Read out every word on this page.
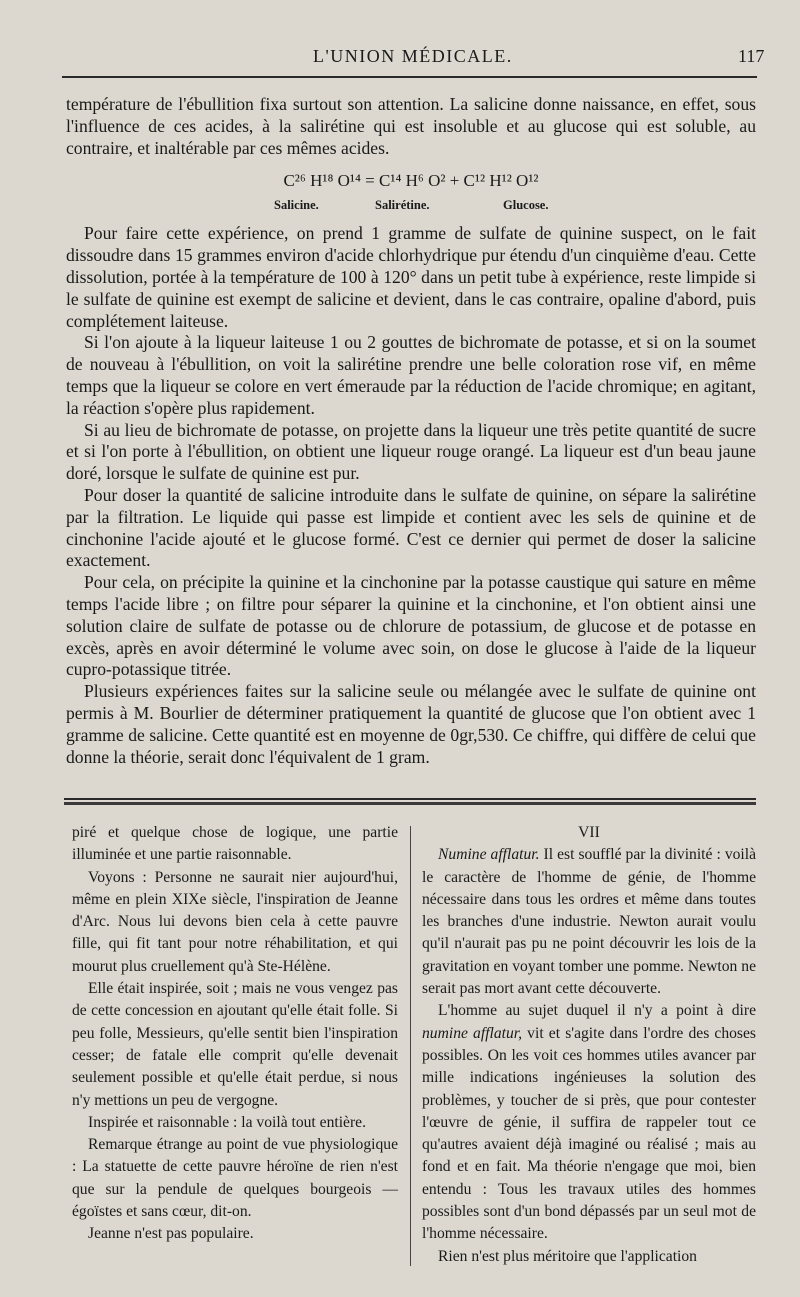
L'UNION MÉDICALE.	117

température de l'ébullition fixa surtout son attention. La salicine donne naissance, en effet, sous l'influence de ces acides, à la salirétine qui est insoluble et au glucose qui est soluble, au contraire, et inaltérable par ces mêmes acides.

C²⁶ H¹⁸ O¹⁴ = C¹⁴ H⁶ O² + C¹² H¹² O¹²
Salicine.	Salirétine.	Glucose.

Pour faire cette expérience, on prend 1 gramme de sulfate de quinine suspect, on le fait dissoudre dans 15 grammes environ d'acide chlorhydrique pur étendu d'un cinquième d'eau. Cette dissolution, portée à la température de 100 à 120° dans un petit tube à expérience, reste limpide si le sulfate de quinine est exempt de salicine et devient, dans le cas contraire, opaline d'abord, puis complétement laiteuse.

Si l'on ajoute à la liqueur laiteuse 1 ou 2 gouttes de bichromate de potasse, et si on la soumet de nouveau à l'ébullition, on voit la salirétine prendre une belle coloration rose vif, en même temps que la liqueur se colore en vert émeraude par la réduction de l'acide chromique; en agitant, la réaction s'opère plus rapidement.

Si au lieu de bichromate de potasse, on projette dans la liqueur une très petite quantité de sucre et si l'on porte à l'ébullition, on obtient une liqueur rouge orangé. La liqueur est d'un beau jaune doré, lorsque le sulfate de quinine est pur.

Pour doser la quantité de salicine introduite dans le sulfate de quinine, on sépare la salirétine par la filtration. Le liquide qui passe est limpide et contient avec les sels de quinine et de cinchonine l'acide ajouté et le glucose formé. C'est ce dernier qui permet de doser la salicine exactement.

Pour cela, on précipite la quinine et la cinchonine par la potasse caustique qui sature en même temps l'acide libre ; on filtre pour séparer la quinine et la cinchonine, et l'on obtient ainsi une solution claire de sulfate de potasse ou de chlorure de potassium, de glucose et de potasse en excès, après en avoir déterminé le volume avec soin, on dose le glucose à l'aide de la liqueur cupro-potassique titrée.

Plusieurs expériences faites sur la salicine seule ou mélangée avec le sulfate de quinine ont permis à M. Bourlier de déterminer pratiquement la quantité de glucose que l'on obtient avec 1 gramme de salicine. Cette quantité est en moyenne de 0gr,530. Ce chiffre, qui diffère de celui que donne la théorie, serait donc l'équivalent de 1 gram.

piré et quelque chose de logique, une partie illuminée et une partie raisonnable.

Voyons : Personne ne saurait nier aujourd'hui, même en plein XIXe siècle, l'inspiration de Jeanne d'Arc. Nous lui devons bien cela à cette pauvre fille, qui fit tant pour notre réhabilitation, et qui mourut plus cruellement qu'à Ste-Hélène.

Elle était inspirée, soit ; mais ne vous vengez pas de cette concession en ajoutant qu'elle était folle. Si peu folle, Messieurs, qu'elle sentit bien l'inspiration cesser; de fatale elle comprit qu'elle devenait seulement possible et qu'elle était perdue, si nous n'y mettions un peu de vergogne.

Inspirée et raisonnable : la voilà tout entière.

Remarque étrange au point de vue physiologique : La statuette de cette pauvre héroïne de rien n'est que sur la pendule de quelques bourgeois — égoïstes et sans cœur, dit-on.

Jeanne n'est pas populaire.

VII

Numine afflatur. Il est soufflé par la divinité : voilà le caractère de l'homme de génie, de l'homme nécessaire dans tous les ordres et même dans toutes les branches d'une industrie. Newton aurait voulu qu'il n'aurait pas pu ne point découvrir les lois de la gravitation en voyant tomber une pomme. Newton ne serait pas mort avant cette découverte.

L'homme au sujet duquel il n'y a point à dire numine afflatur, vit et s'agite dans l'ordre des choses possibles. On les voit ces hommes utiles avancer par mille indications ingénieuses la solution des problèmes, y toucher de si près, que pour contester l'œuvre de génie, il suffira de rappeler tout ce qu'autres avaient déjà imaginé ou réalisé ; mais au fond et en fait. Ma théorie n'engage que moi, bien entendu : Tous les travaux utiles des hommes possibles sont d'un bond dépassés par un seul mot de l'homme nécessaire.

Rien n'est plus méritoire que l'application
